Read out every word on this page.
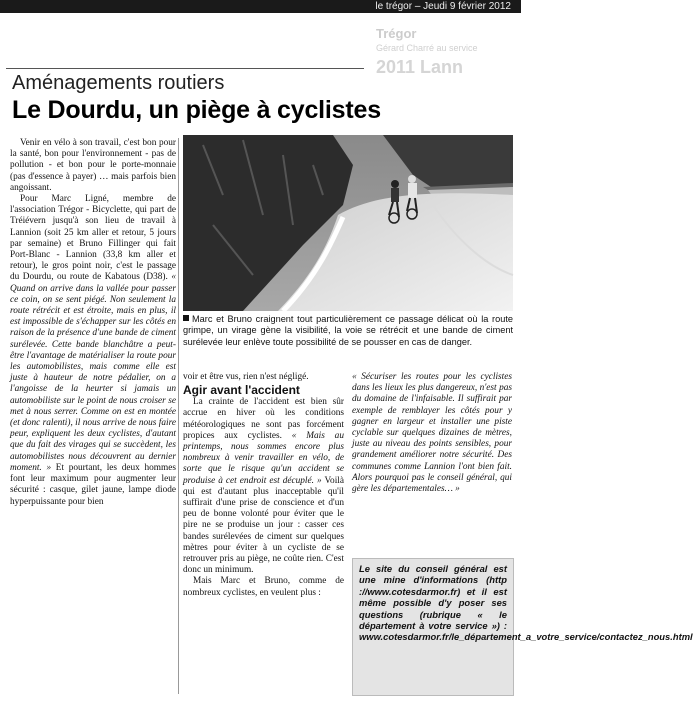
le trégor – Jeudi 9 février 2012
Trégor
Gérard Charré au service
2011 Lann
Aménagements routiers
Le Dourdu, un piège à cyclistes

Venir en vélo à son travail, c'est bon pour la santé, bon pour l'environnement - pas de pollution - et bon pour le porte-monnaie (pas d'essence à payer) … mais parfois bien angoissant.

Pour Marc Ligné, membre de l'association Trégor - Bicyclette, qui part de Tréiévern jusqu'à son lieu de travail à Lannion (soit 25 km aller et retour, 5 jours par semaine) et Bruno Fillinger qui fait Port-Blanc - Lannion (33,8 km aller et retour), le gros point noir, c'est le passage du Dourdu, ou route de Kabatous (D38). « Quand on arrive dans la vallée pour passer ce coin, on se sent piégé. Non seulement la route rétrécit et est étroite, mais en plus, il est impossible de s'échapper sur les côtés en raison de la présence d'une bande de ciment surélevée. Cette bande blanchâtre a peut-être l'avantage de matérialiser la route pour les automobilistes, mais comme elle est juste à hauteur de notre pédalier, on a l'angoisse de la heurter si jamais un automobiliste sur le point de nous croiser se met à nous serrer. Comme on est en montée (et donc ralenti), il nous arrive de nous faire peur, expliquent les deux cyclistes, d'autant que du fait des virages qui se succèdent, les automobilistes nous découvrent au dernier moment. » Et pourtant, les deux hommes font leur maximum pour augmenter leur sécurité : casque, gilet jaune, lampe diode hyperpuissante pour bien

Marc et Bruno craignent tout particulièrement ce passage délicat où la route grimpe, un virage gène la visibilité, la voie se rétrécit et une bande de ciment surélevée leur enlève toute possibilité de se pousser en cas de danger.

voir et être vus, rien n'est négligé.

Agir avant l'accident

La crainte de l'accident est bien sûr accrue en hiver où les conditions météorologiques ne sont pas forcément propices aux cyclistes. « Mais au printemps, nous sommes encore plus nombreux à venir travailler en vélo, de sorte que le risque qu'un accident se produise à cet endroit est décuplé. » Voilà qui est d'autant plus inacceptable qu'il suffirait d'une prise de conscience et d'un peu de bonne volonté pour éviter que le pire ne se produise un jour : casser ces bandes surélevées de ciment sur quelques mètres pour éviter à un cycliste de se retrouver pris au piège, ne coûte rien. C'est donc un minimum.

Mais Marc et Bruno, comme de nombreux cyclistes, en veulent plus :

« Sécuriser les routes pour les cyclistes dans les lieux les plus dangereux, n'est pas du domaine de l'infaisable. Il suffirait par exemple de remblayer les côtés pour y gagner en largeur et installer une piste cyclable sur quelques dizaines de mètres, juste au niveau des points sensibles, pour grandement améliorer notre sécurité. Des communes comme Lannion l'ont bien fait. Alors pourquoi pas le conseil général, qui gère les départementales… »

Le site du conseil général est une mine d'informations (http ://www.cotesdarmor.fr) et il est même possible d'y poser ses questions (rubrique « le département à votre service ») : www.cotesdarmor.fr/le_département_a_votre_service/contactez_nous.html
